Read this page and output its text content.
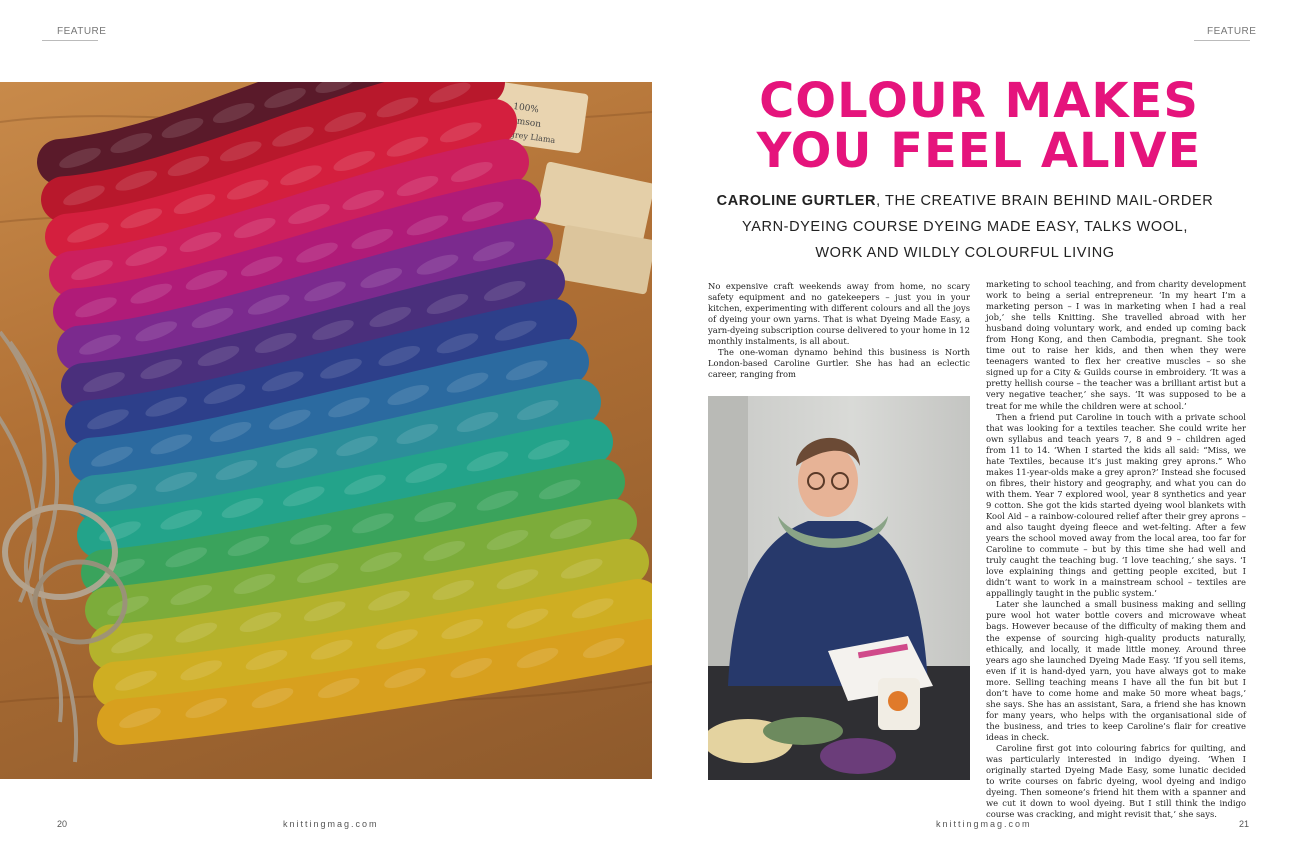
FEATURE	FEATURE
100%
Damson
on grey Llama
COLOUR MAKES
YOU FEEL ALIVE
CAROLINE GURTLER, THE CREATIVE BRAIN BEHIND MAIL-ORDER
YARN-DYEING COURSE DYEING MADE EASY, TALKS WOOL,
WORK AND WILDLY COLOURFUL LIVING

No expensive craft weekends away from home, no scary safety equipment and no gatekeepers – just you in your kitchen, experimenting with different colours and all the joys of dyeing your own yarns. That is what Dyeing Made Easy, a yarn-dyeing subscription course delivered to your home in 12 monthly instalments, is all about.

The one-woman dynamo behind this business is North London-based Caroline Gurtler. She has had an eclectic career, ranging from

marketing to school teaching, and from charity development work to being a serial entrepreneur. ‘In my heart I’m a marketing person – I was in marketing when I had a real job,’ she tells Knitting. She travelled abroad with her husband doing voluntary work, and ended up coming back from Hong Kong, and then Cambodia, pregnant. She took time out to raise her kids, and then when they were teenagers wanted to flex her creative muscles – so she signed up for a City & Guilds course in embroidery. ‘It was a pretty hellish course – the teacher was a brilliant artist but a very negative teacher,’ she says. ‘It was supposed to be a treat for me while the children were at school.’

Then a friend put Caroline in touch with a private school that was looking for a textiles teacher. She could write her own syllabus and teach years 7, 8 and 9 – children aged from 11 to 14. ‘When I started the kids all said: “Miss, we hate Textiles, because it’s just making grey aprons.” Who makes 11-year-olds make a grey apron?’ Instead she focused on fibres, their history and geography, and what you can do with them. Year 7 explored wool, year 8 synthetics and year 9 cotton. She got the kids started dyeing wool blankets with Kool Aid – a rainbow-coloured relief after their grey aprons – and also taught dyeing fleece and wet-felting. After a few years the school moved away from the local area, too far for Caroline to commute – but by this time she had well and truly caught the teaching bug. ‘I love teaching,’ she says. ‘I love explaining things and getting people excited, but I didn’t want to work in a mainstream school – textiles are appallingly taught in the public system.’

Later she launched a small business making and selling pure wool hot water bottle covers and microwave wheat bags. However because of the difficulty of making them and the expense of sourcing high-quality products naturally, ethically, and locally, it made little money. Around three years ago she launched Dyeing Made Easy. ‘If you sell items, even if it is hand-dyed yarn, you have always got to make more. Selling teaching means I have all the fun bit but I don’t have to come home and make 50 more wheat bags,’ she says. She has an assistant, Sara, a friend she has known for many years, who helps with the organisational side of the business, and tries to keep Caroline’s flair for creative ideas in check.

Caroline first got into colouring fabrics for quilting, and was particularly interested in indigo dyeing. ‘When I originally started Dyeing Made Easy, some lunatic decided to write courses on fabric dyeing, wool dyeing and indigo dyeing. Then someone’s friend hit them with a spanner and we cut it down to wool dyeing. But I still think the indigo course was cracking, and might revisit that,’ she says.

20	knittingmag.com	knittingmag.com	21
